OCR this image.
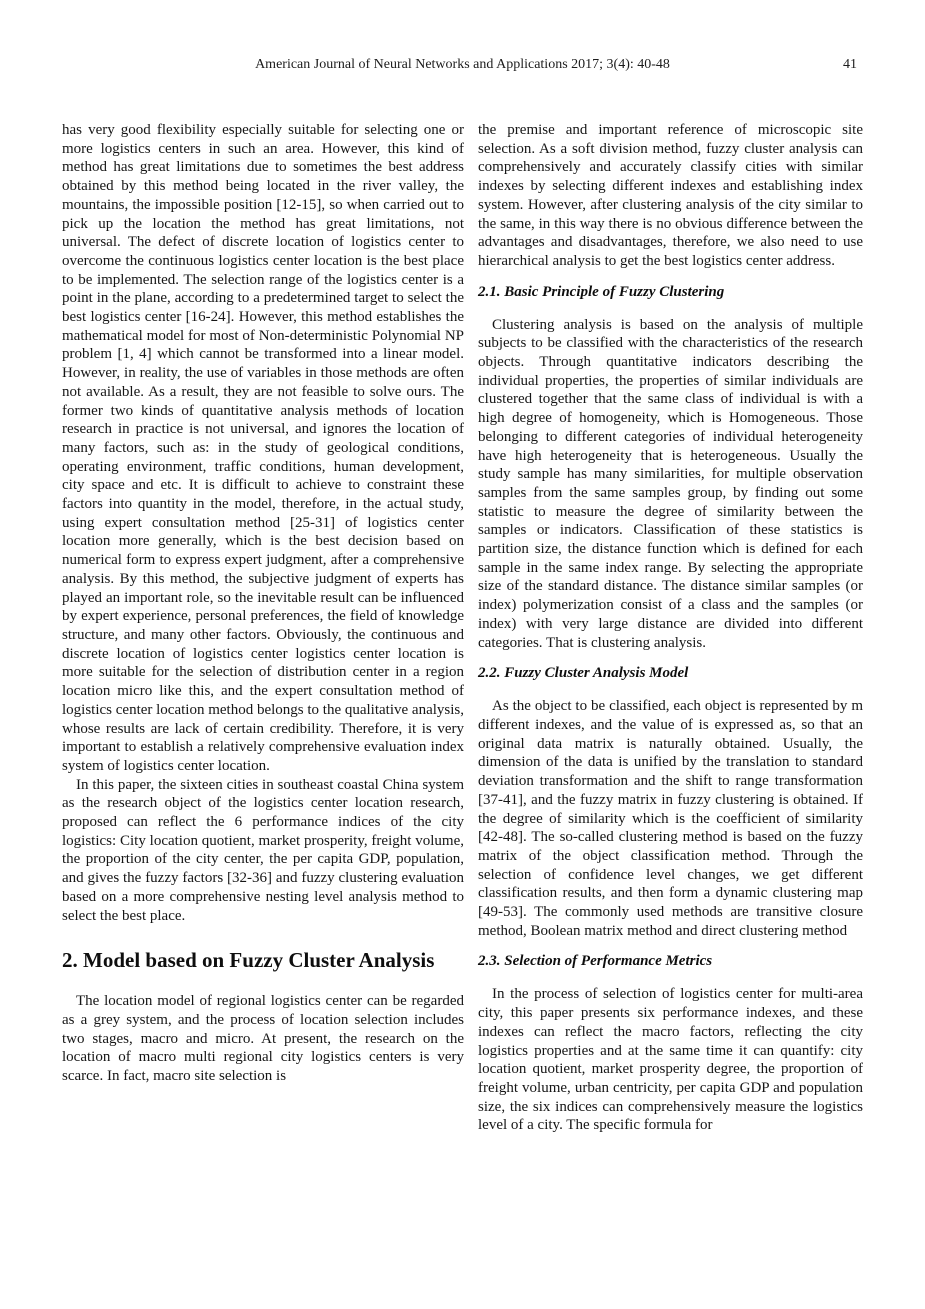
American Journal of Neural Networks and Applications 2017; 3(4): 40-48	41

has very good flexibility especially suitable for selecting one or more logistics centers in such an area. However, this kind of method has great limitations due to sometimes the best address obtained by this method being located in the river valley, the mountains, the impossible position [12-15], so when carried out to pick up the location the method has great limitations, not universal. The defect of discrete location of logistics center to overcome the continuous logistics center location is the best place to be implemented. The selection range of the logistics center is a point in the plane, according to a predetermined target to select the best logistics center [16-24]. However, this method establishes the mathematical model for most of Non-deterministic Polynomial NP problem [1, 4] which cannot be transformed into a linear model. However, in reality, the use of variables in those methods are often not available. As a result, they are not feasible to solve ours. The former two kinds of quantitative analysis methods of location research in practice is not universal, and ignores the location of many factors, such as: in the study of geological conditions, operating environment, traffic conditions, human development, city space and etc. It is difficult to achieve to constraint these factors into quantity in the model, therefore, in the actual study, using expert consultation method [25-31] of logistics center location more generally, which is the best decision based on numerical form to express expert judgment, after a comprehensive analysis. By this method, the subjective judgment of experts has played an important role, so the inevitable result can be influenced by expert experience, personal preferences, the field of knowledge structure, and many other factors. Obviously, the continuous and discrete location of logistics center logistics center location is more suitable for the selection of distribution center in a region location micro like this, and the expert consultation method of logistics center location method belongs to the qualitative analysis, whose results are lack of certain credibility. Therefore, it is very important to establish a relatively comprehensive evaluation index system of logistics center location.

In this paper, the sixteen cities in southeast coastal China system as the research object of the logistics center location research, proposed can reflect the 6 performance indices of the city logistics: City location quotient, market prosperity, freight volume, the proportion of the city center, the per capita GDP, population, and gives the fuzzy factors [32-36] and fuzzy clustering evaluation based on a more comprehensive nesting level analysis method to select the best place.

2. Model based on Fuzzy Cluster Analysis

The location model of regional logistics center can be regarded as a grey system, and the process of location selection includes two stages, macro and micro. At present, the research on the location of macro multi regional city logistics centers is very scarce. In fact, macro site selection is

the premise and important reference of microscopic site selection. As a soft division method, fuzzy cluster analysis can comprehensively and accurately classify cities with similar indexes by selecting different indexes and establishing index system. However, after clustering analysis of the city similar to the same, in this way there is no obvious difference between the advantages and disadvantages, therefore, we also need to use hierarchical analysis to get the best logistics center address.

2.1. Basic Principle of Fuzzy Clustering

Clustering analysis is based on the analysis of multiple subjects to be classified with the characteristics of the research objects. Through quantitative indicators describing the individual properties, the properties of similar individuals are clustered together that the same class of individual is with a high degree of homogeneity, which is Homogeneous. Those belonging to different categories of individual heterogeneity have high heterogeneity that is heterogeneous. Usually the study sample has many similarities, for multiple observation samples from the same samples group, by finding out some statistic to measure the degree of similarity between the samples or indicators. Classification of these statistics is partition size, the distance function which is defined for each sample in the same index range. By selecting the appropriate size of the standard distance. The distance similar samples (or index) polymerization consist of a class and the samples (or index) with very large distance are divided into different categories. That is clustering analysis.

2.2. Fuzzy Cluster Analysis Model

As the object to be classified, each object is represented by m different indexes, and the value of is expressed as, so that an original data matrix is naturally obtained. Usually, the dimension of the data is unified by the translation to standard deviation transformation and the shift to range transformation [37-41], and the fuzzy matrix in fuzzy clustering is obtained. If the degree of similarity which is the coefficient of similarity [42-48]. The so-called clustering method is based on the fuzzy matrix of the object classification method. Through the selection of confidence level changes, we get different classification results, and then form a dynamic clustering map [49-53]. The commonly used methods are transitive closure method, Boolean matrix method and direct clustering method

2.3. Selection of Performance Metrics

In the process of selection of logistics center for multi-area city, this paper presents six performance indexes, and these indexes can reflect the macro factors, reflecting the city logistics properties and at the same time it can quantify: city location quotient, market prosperity degree, the proportion of freight volume, urban centricity, per capita GDP and population size, the six indices can comprehensively measure the logistics level of a city. The specific formula for
